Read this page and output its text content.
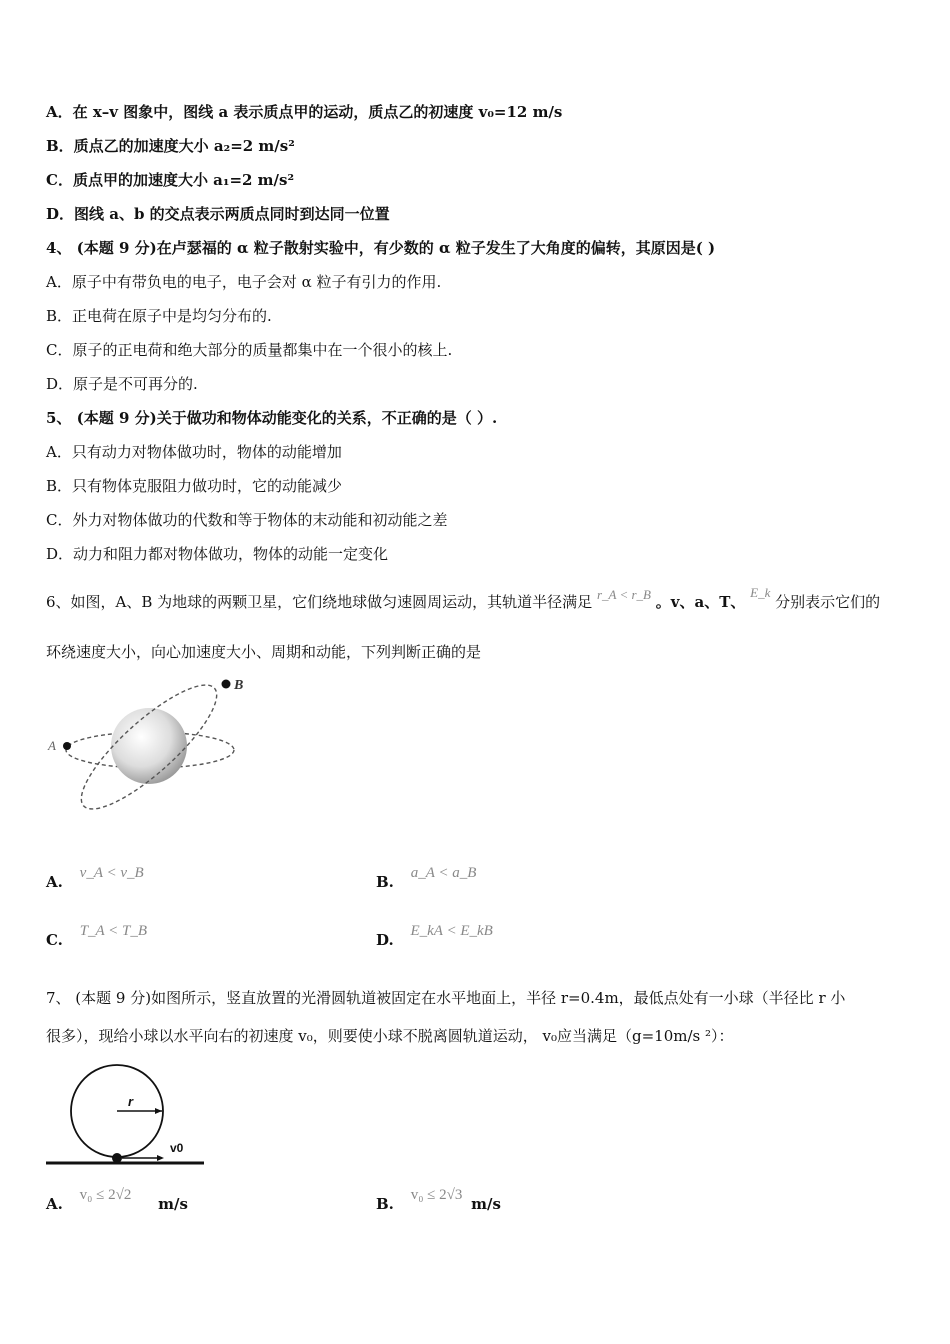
A．在 x–v 图象中，图线 a 表示质点甲的运动，质点乙的初速度 v₀=12 m/s
B．质点乙的加速度大小 a₂=2 m/s²
C．质点甲的加速度大小 a₁=2 m/s²
D．图线 a、b 的交点表示两质点同时到达同一位置
4、 (本题 9 分)在卢瑟福的 α 粒子散射实验中，有少数的 α 粒子发生了大角度的偏转，其原因是( )
A．原子中有带负电的电子，电子会对 α 粒子有引力的作用.
B．正电荷在原子中是均匀分布的.
C．原子的正电荷和绝大部分的质量都集中在一个很小的核上.
D．原子是不可再分的.
5、 (本题 9 分)关于做功和物体动能变化的关系，不正确的是（ ）.
A．只有动力对物体做功时，物体的动能增加
B．只有物体克服阻力做功时，它的动能减少
C．外力对物体做功的代数和等于物体的末动能和初动能之差
D．动力和阻力都对物体做功，物体的动能一定变化
6、如图，A、B 为地球的两颗卫星，它们绕地球做匀速圆周运动，其轨道半径满足 r_A < r_B 。v、a、T、 E_k 分别表示它们的
环绕速度大小，向心加速度大小、周期和动能，下列判断正确的是
A
B
A. v_A < v_B	B. a_A < a_B
C. T_A < T_B	D. E_kA < E_kB
7、 (本题 9 分)如图所示，竖直放置的光滑圆轨道被固定在水平地面上，半径 r=0.4m，最低点处有一小球（半径比 r 小
很多），现给小球以水平向右的初速度 v₀，则要使小球不脱离圆轨道运动， v₀应当满足（g=10m/s ²）：
r
v0
A. v₀ ≤ 2√2 m/s	B. v₀ ≤ 2√3 m/s
